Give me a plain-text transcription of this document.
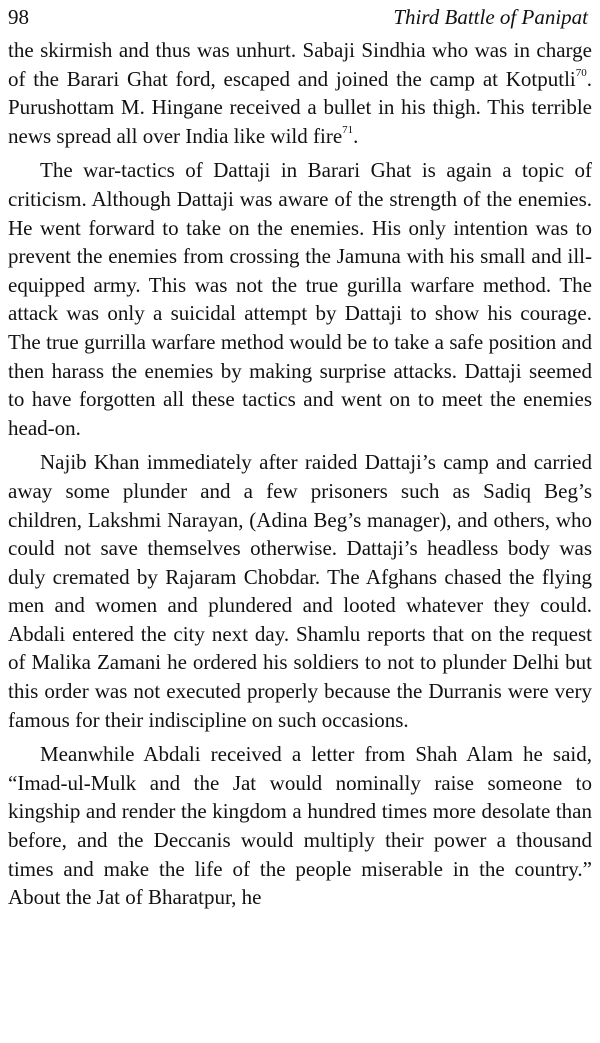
98	Third Battle of Panipat

the skirmish and thus was unhurt. Sabaji Sindhia who was in charge of the Barari Ghat ford, escaped and joined the camp at Kotputli$^{70}$. Purushottam M. Hingane received a bullet in his thigh. This terrible news spread all over India like wild fire$^{71}$.

The war-tactics of Dattaji in Barari Ghat is again a topic of criticism. Although Dattaji was aware of the strength of the enemies. He went forward to take on the enemies. His only intention was to prevent the enemies from crossing the Jamuna with his small and ill-equipped army. This was not the true gurilla warfare method. The attack was only a suicidal attempt by Dattaji to show his courage. The true gurrilla warfare method would be to take a safe position and then harass the enemies by making surprise attacks. Dattaji seemed to have forgotten all these tactics and went on to meet the enemies head-on.

Najib Khan immediately after raided Dattaji’s camp and carried away some plunder and a few prisoners such as Sadiq Beg’s children, Lakshmi Narayan, (Adina Beg’s manager), and others, who could not save themselves otherwise. Dattaji’s headless body was duly cremated by Rajaram Chobdar. The Afghans chased the flying men and women and plundered and looted whatever they could. Abdali entered the city next day. Shamlu reports that on the request of Malika Zamani he ordered his soldiers to not to plunder Delhi but this order was not executed properly because the Durranis were very famous for their indiscipline on such occasions.

Meanwhile Abdali received a letter from Shah Alam he said, “Imad-ul-Mulk and the Jat would nominally raise someone to kingship and render the kingdom a hundred times more desolate than before, and the Deccanis would multiply their power a thousand times and make the life of the people miserable in the country.” About the Jat of Bharatpur, he
